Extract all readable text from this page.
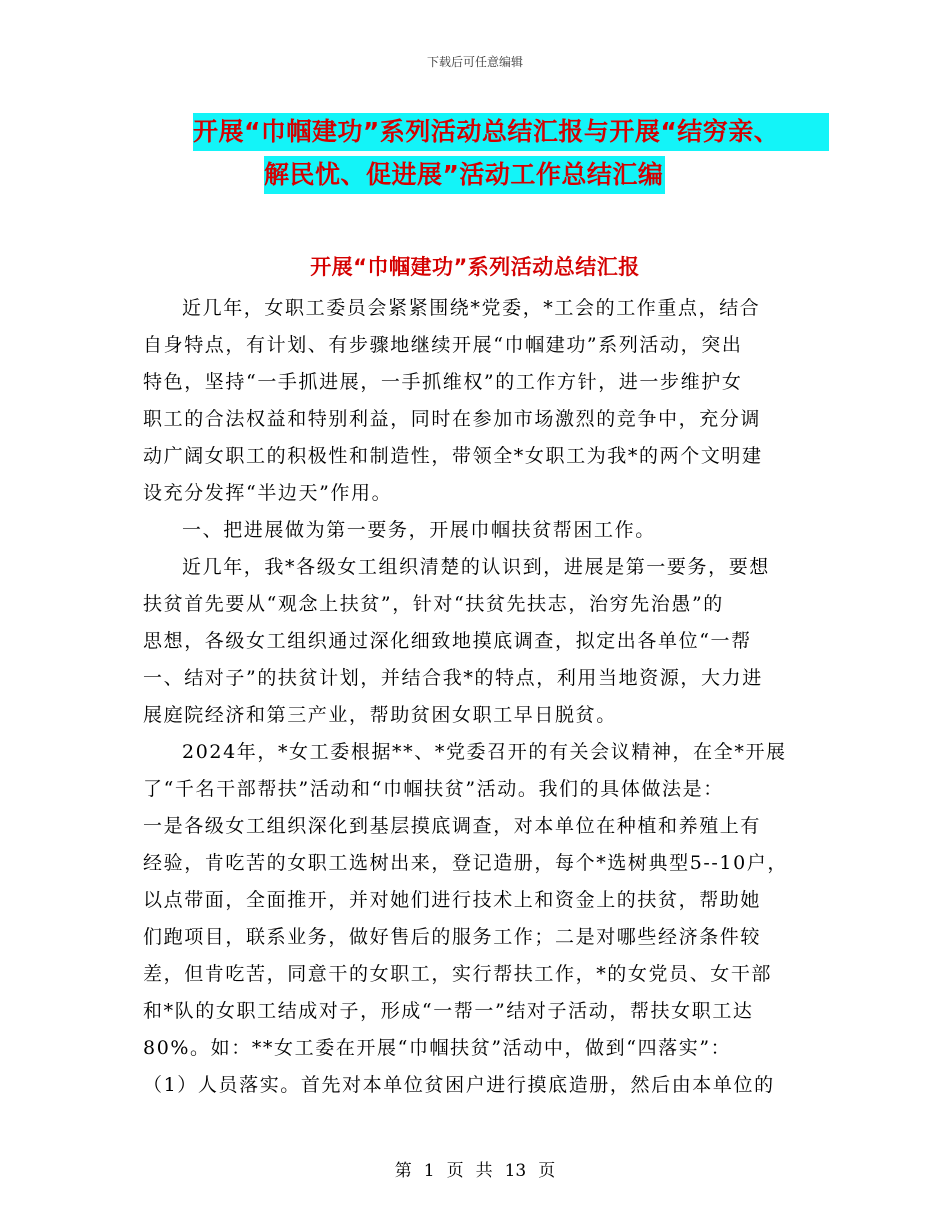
下载后可任意编辑
开展“巾帼建功”系列活动总结汇报与开展“结穷亲、
解民忧、促进展”活动工作总结汇编
开展“巾帼建功”系列活动总结汇报
近几年，女职工委员会紧紧围绕*党委，*工会的工作重点，结合
自身特点，有计划、有步骤地继续开展“巾帼建功”系列活动，突出
特色，坚持“一手抓进展，一手抓维权”的工作方针，进一步维护女
职工的合法权益和特别利益，同时在参加市场激烈的竞争中，充分调
动广阔女职工的积极性和制造性，带领全*女职工为我*的两个文明建
设充分发挥“半边天”作用。
一、把进展做为第一要务，开展巾帼扶贫帮困工作。
近几年，我*各级女工组织清楚的认识到，进展是第一要务，要想
扶贫首先要从“观念上扶贫”，针对“扶贫先扶志，治穷先治愚”的
思想，各级女工组织通过深化细致地摸底调查，拟定出各单位“一帮
一、结对子”的扶贫计划，并结合我*的特点，利用当地资源，大力进
展庭院经济和第三产业，帮助贫困女职工早日脱贫。
2024年，*女工委根据**、*党委召开的有关会议精神，在全*开展
了“千名干部帮扶”活动和“巾帼扶贫”活动。我们的具体做法是：
一是各级女工组织深化到基层摸底调查，对本单位在种植和养殖上有
经验，肯吃苦的女职工选树出来，登记造册，每个*选树典型5--10户，
以点带面，全面推开，并对她们进行技术上和资金上的扶贫，帮助她
们跑项目，联系业务，做好售后的服务工作；二是对哪些经济条件较
差，但肯吃苦，同意干的女职工，实行帮扶工作，*的女党员、女干部
和*队的女职工结成对子，形成“一帮一”结对子活动，帮扶女职工达
80%。如：**女工委在开展“巾帼扶贫”活动中，做到“四落实”：
（1）人员落实。首先对本单位贫困户进行摸底造册，然后由本单位的
第 1 页 共 13 页
